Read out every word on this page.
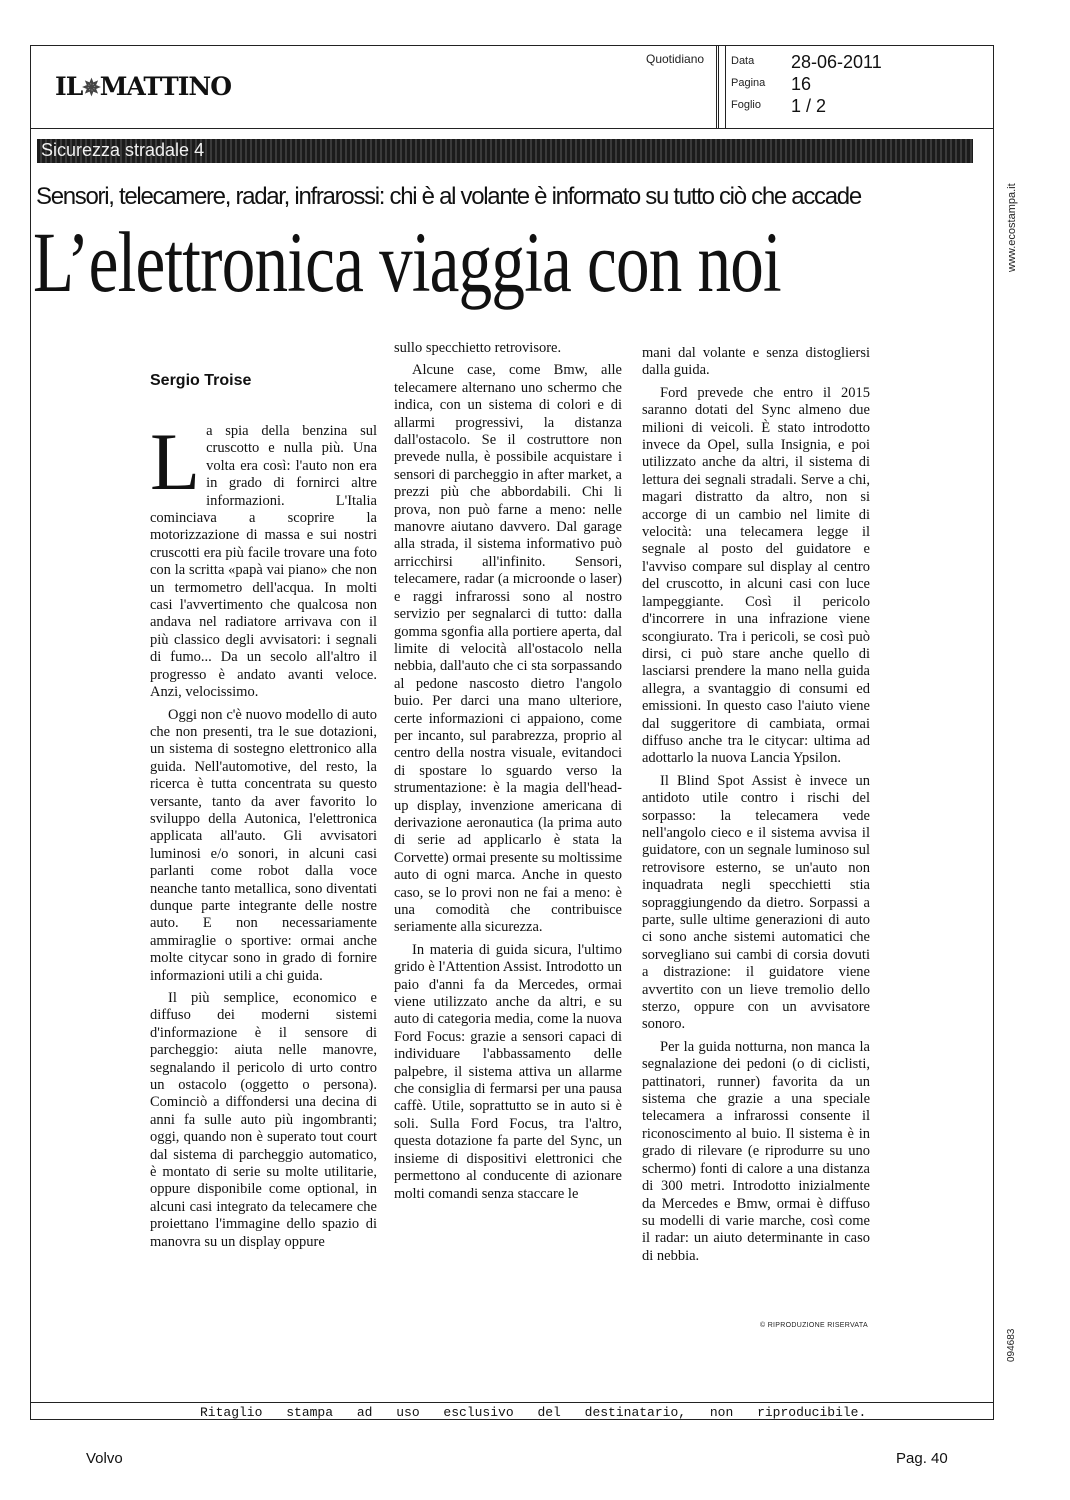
IL✵MATTINO
Quotidiano Data 28-06-2011
Pagina 16
Foglio 1 / 2
Sicurezza stradale 4
Sensori, telecamere, radar, infrarossi: chi è al volante è informato su tutto ciò che accade
L’elettronica viaggia con noi	www.ecostampa.it
Sergio Troise

La spia della benzina sul cruscotto e nulla più. Una volta era così: l'auto non era in grado di fornirci altre informazioni. L'Italia cominciava a scoprire la motorizzazione di massa e sui nostri cruscotti era più facile trovare una foto con la scritta «papà vai piano» che non un termometro dell'acqua. In molti casi l'avvertimento che qualcosa non andava nel radiatore arrivava con il più classico degli avvisatori: i segnali di fumo... Da un secolo all'altro il progresso è andato avanti veloce. Anzi, velocissimo.

Oggi non c'è nuovo modello di auto che non presenti, tra le sue dotazioni, un sistema di sostegno elettronico alla guida. Nell'automotive, del resto, la ricerca è tutta concentrata su questo versante, tanto da aver favorito lo sviluppo della Autonica, l'elettronica applicata all'auto. Gli avvisatori luminosi e/o sonori, in alcuni casi parlanti come robot dalla voce neanche tanto metallica, sono diventati dunque parte integrante delle nostre auto. E non necessariamente ammiraglie o sportive: ormai anche molte citycar sono in grado di fornire informazioni utili a chi guida.

Il più semplice, economico e diffuso dei moderni sistemi d'informazione è il sensore di parcheggio: aiuta nelle manovre, segnalando il pericolo di urto contro un ostacolo (oggetto o persona). Cominciò a diffondersi una decina di anni fa sulle auto più ingombranti; oggi, quando non è superato tout court dal sistema di parcheggio automatico, è montato di serie su molte utilitarie, oppure disponibile come optional, in alcuni casi integrato da telecamere che proiettano l'immagine dello spazio di manovra su un display oppure

sullo specchietto retrovisore.

Alcune case, come Bmw, alle telecamere alternano uno schermo che indica, con un sistema di colori e di allarmi progressivi, la distanza dall'ostacolo. Se il costruttore non prevede nulla, è possibile acquistare i sensori di parcheggio in after market, a prezzi più che abbordabili. Chi li prova, non può farne a meno: nelle manovre aiutano davvero. Dal garage alla strada, il sistema informativo può arricchirsi all'infinito. Sensori, telecamere, radar (a microonde o laser) e raggi infrarossi sono al nostro servizio per segnalarci di tutto: dalla gomma sgonfia alla portiere aperta, dal limite di velocità all'ostacolo nella nebbia, dall'auto che ci sta sorpassando al pedone nascosto dietro l'angolo buio. Per darci una mano ulteriore, certe informazioni ci appaiono, come per incanto, sul parabrezza, proprio al centro della nostra visuale, evitandoci di spostare lo sguardo verso la strumentazione: è la magia dell'head-up display, invenzione americana di derivazione aeronautica (la prima auto di serie ad applicarlo è stata la Corvette) ormai presente su moltissime auto di ogni marca. Anche in questo caso, se lo provi non ne fai a meno: è una comodità che contribuisce seriamente alla sicurezza.

In materia di guida sicura, l'ultimo grido è l'Attention Assist. Introdotto un paio d'anni fa da Mercedes, ormai viene utilizzato anche da altri, e su auto di categoria media, come la nuova Ford Focus: grazie a sensori capaci di individuare l'abbassamento delle palpebre, il sistema attiva un allarme che consiglia di fermarsi per una pausa caffè. Utile, soprattutto se in auto si è soli. Sulla Ford Focus, tra l'altro, questa dotazione fa parte del Sync, un insieme di dispositivi elettronici che permettono al conducente di azionare molti comandi senza staccare le

mani dal volante e senza distogliersi dalla guida.

Ford prevede che entro il 2015 saranno dotati del Sync almeno due milioni di veicoli. È stato introdotto invece da Opel, sulla Insignia, e poi utilizzato anche da altri, il sistema di lettura dei segnali stradali. Serve a chi, magari distratto da altro, non si accorge di un cambio nel limite di velocità: una telecamera legge il segnale al posto del guidatore e l'avviso compare sul display al centro del cruscotto, in alcuni casi con luce lampeggiante. Così il pericolo d'incorrere in una infrazione viene scongiurato. Tra i pericoli, se così può dirsi, ci può stare anche quello di lasciarsi prendere la mano nella guida allegra, a svantaggio di consumi ed emissioni. In questo caso l'aiuto viene dal suggeritore di cambiata, ormai diffuso anche tra le citycar: ultima ad adottarlo la nuova Lancia Ypsilon.

Il Blind Spot Assist è invece un antidoto utile contro i rischi del sorpasso: la telecamera vede nell'angolo cieco e il sistema avvisa il guidatore, con un segnale luminoso sul retrovisore esterno, se un'auto non inquadrata negli specchietti stia sopraggiungendo da dietro. Sorpassi a parte, sulle ultime generazioni di auto ci sono anche sistemi automatici che sorvegliano sui cambi di corsia dovuti a distrazione: il guidatore viene avvertito con un lieve tremolio dello sterzo, oppure con un avvisatore sonoro.

Per la guida notturna, non manca la segnalazione dei pedoni (o di ciclisti, pattinatori, runner) favorita da un sistema che grazie a una speciale telecamera a infrarossi consente il riconoscimento al buio. Il sistema è in grado di rilevare (e riprodurre su uno schermo) fonti di calore a una distanza di 300 metri. Introdotto inizialmente da Mercedes e Bmw, ormai è diffuso su modelli di varie marche, così come il radar: un aiuto determinante in caso di nebbia.

© RIPRODUZIONE RISERVATA
094683
Ritaglio stampa ad uso esclusivo del destinatario, non riproducibile.
Volvo	Pag. 40
